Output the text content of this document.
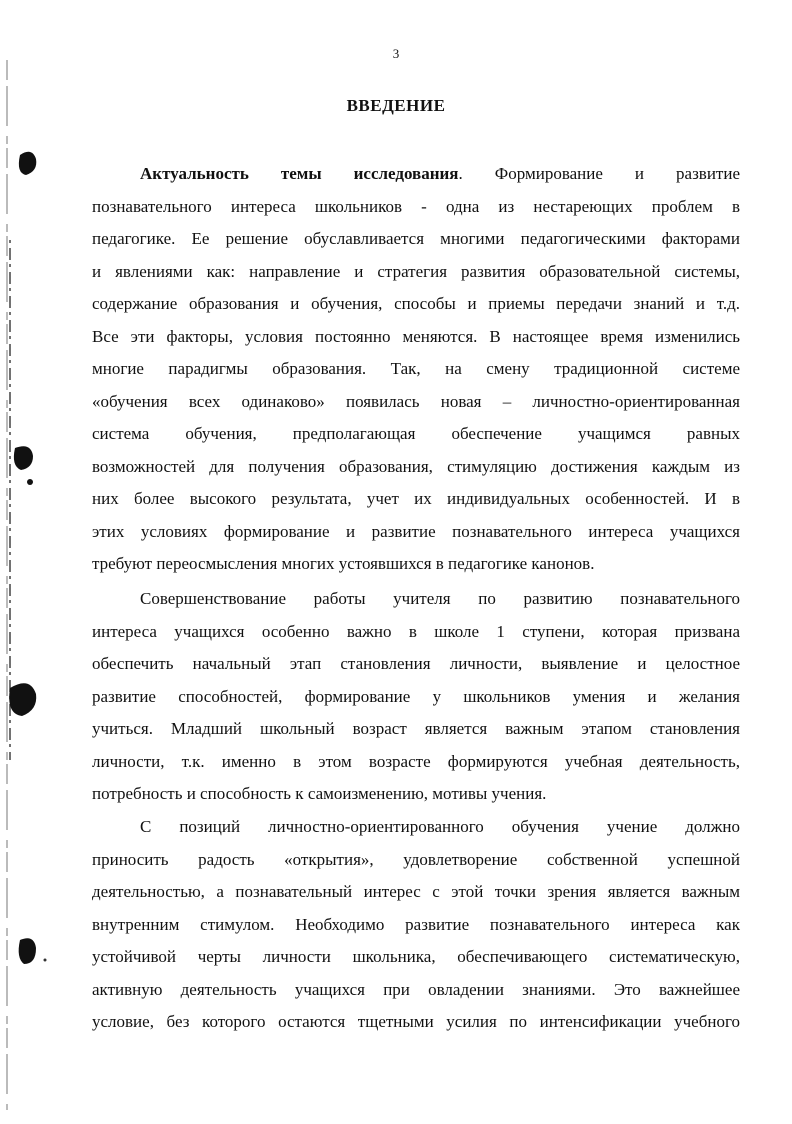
3
ВВЕДЕНИЕ
Актуальность темы исследования. Формирование и развитие
познавательного интереса школьников - одна из нестареющих проблем в
педагогике. Ее решение обуславливается многими педагогическими факторами
и явлениями как: направление и стратегия развития образовательной системы,
содержание образования и обучения, способы и приемы передачи знаний и т.д.
Все эти факторы, условия постоянно меняются. В настоящее время изменились
многие парадигмы образования. Так, на смену традиционной системе
«обучения всех одинаково» появилась новая – личностно-ориентированная
система обучения, предполагающая обеспечение учащимся равных
возможностей для получения образования, стимуляцию достижения каждым из
них более высокого результата, учет их индивидуальных особенностей. И в
этих условиях формирование и развитие познавательного интереса учащихся
требуют переосмысления многих устоявшихся в педагогике канонов.
Совершенствование работы учителя по развитию познавательного
интереса учащихся особенно важно в школе 1 ступени, которая призвана
обеспечить начальный этап становления личности, выявление и целостное
развитие способностей, формирование у школьников умения и желания
учиться. Младший школьный возраст является важным этапом становления
личности, т.к. именно в этом возрасте формируются учебная деятельность,
потребность и способность к самоизменению, мотивы учения.
С позиций личностно-ориентированного обучения учение должно
приносить радость «открытия», удовлетворение собственной успешной
деятельностью, а познавательный интерес с этой точки зрения является важным
внутренним стимулом. Необходимо развитие познавательного интереса как
устойчивой черты личности школьника, обеспечивающего систематическую,
активную деятельность учащихся при овладении знаниями. Это важнейшее
условие, без которого остаются тщетными усилия по интенсификации учебного
